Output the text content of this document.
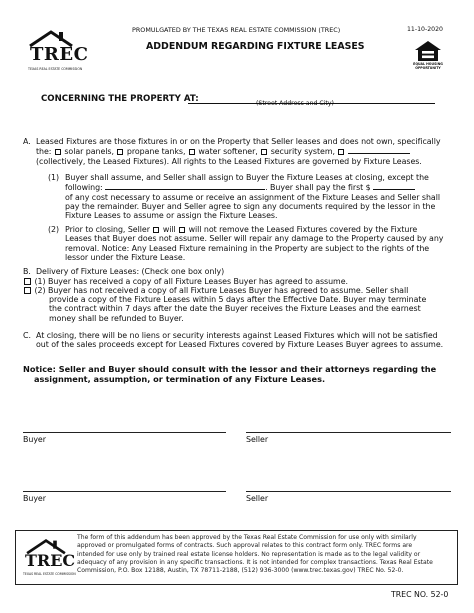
TREC
TEXAS REAL ESTATE COMMISSION
PROMULGATED BY THE TEXAS REAL ESTATE COMMISSION (TREC)	11-10-2020
ADDENDUM REGARDING FIXTURE LEASES
EQUAL HOUSING OPPORTUNITY
CONCERNING THE PROPERTY AT:	(Street Address and City)
A. Leased Fixtures are those fixtures in or on the Property that Seller leases and does not own, specifically

the: solar panels, propane tanks, water softener, security system,

(collectively, the Leased Fixtures). All rights to the Leased Fixtures are governed by Fixture Leases.

(1) Buyer shall assume, and Seller shall assign to Buyer the Fixture Leases at closing, except the

following:	. Buyer shall pay the first $

of any cost necessary to assume or receive an assignment of the Fixture Leases and Seller shall

pay the remainder. Buyer and Seller agree to sign any documents required by the lessor in the

Fixture Leases to assume or assign the Fixture Leases.

(2) Prior to closing, Seller will will not remove the Leased Fixtures covered by the Fixture

Leases that Buyer does not assume. Seller will repair any damage to the Property caused by any

removal. Notice: Any Leased Fixture remaining in the Property are subject to the rights of the

lessor under the Fixture Lease.

B. Delivery of Fixture Leases: (Check one box only)

(1) Buyer has received a copy of all Fixture Leases Buyer has agreed to assume.

(2) Buyer has not received a copy of all Fixture Leases Buyer has agreed to assume. Seller shall

provide a copy of the Fixture Leases within 5 days after the Effective Date. Buyer may terminate

the contract within 7 days after the date the Buyer receives the Fixture Leases and the earnest

money shall be refunded to Buyer.

C. At closing, there will be no liens or security interests against Leased Fixtures which will not be satisfied

out of the sales proceeds except for Leased Fixtures covered by Fixture Leases Buyer agrees to assume.

Notice: Seller and Buyer should consult with the lessor and their attorneys regarding the

assignment, assumption, or termination of any Fixture Leases.

Buyer	Seller
Buyer	Seller
TREC
TEXAS REAL ESTATE COMMISSION

The form of this addendum has been approved by the Texas Real Estate Commission for use only with similarly

approved or promulgated forms of contracts. Such approval relates to this contract form only. TREC forms are

intended for use only by trained real estate license holders. No representation is made as to the legal validity or

adequacy of any provision in any specific transactions. It is not intended for complex transactions. Texas Real Estate

Commission, P.O. Box 12188, Austin, TX 78711-2188, (512) 936-3000 (www.trec.texas.gov) TREC No. 52-0.

TREC NO. 52-0
